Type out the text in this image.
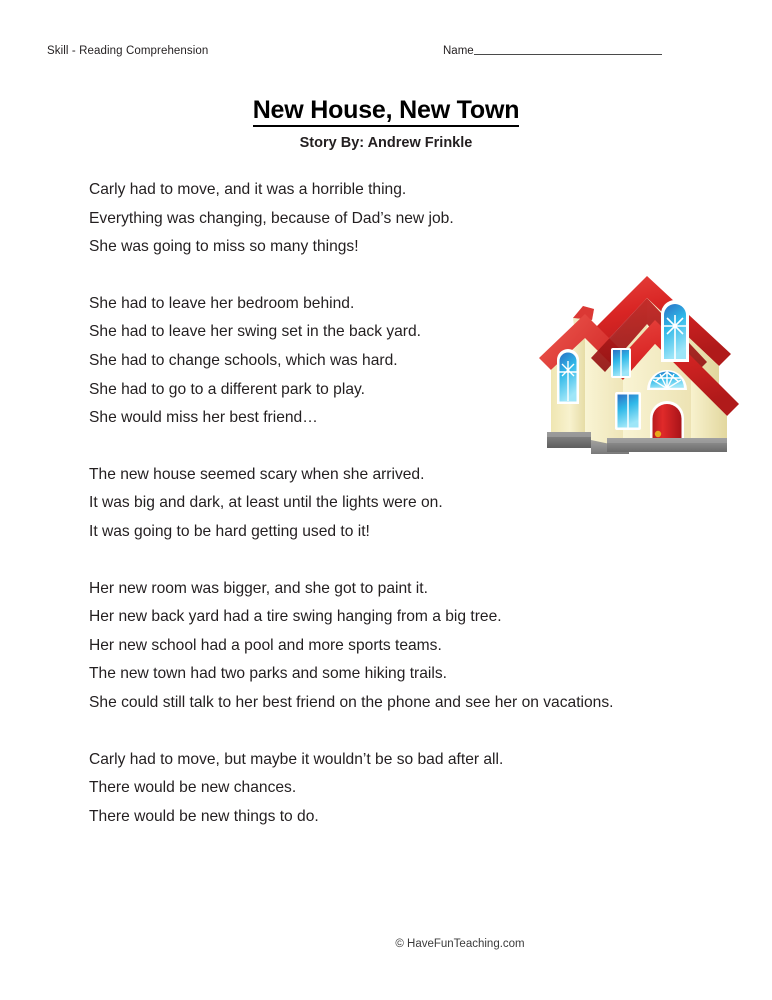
Skill - Reading Comprehension	Name
New House, New Town
Story By: Andrew Frinkle
Carly had to move, and it was a horrible thing.
Everything was changing, because of Dad’s new job.
She was going to miss so many things!
She had to leave her bedroom behind.
She had to leave her swing set in the back yard.
She had to change schools, which was hard.
She had to go to a different park to play.
She would miss her best friend…
The new house seemed scary when she arrived.
It was big and dark, at least until the lights were on.
It was going to be hard getting used to it!
Her new room was bigger, and she got to paint it.
Her new back yard had a tire swing hanging from a big tree.
Her new school had a pool and more sports teams.
The new town had two parks and some hiking trails.
She could still talk to her best friend on the phone and see her on vacations.
Carly had to move, but maybe it wouldn’t be so bad after all.
There would be new chances.
There would be new things to do.
© HaveFunTeaching.com
